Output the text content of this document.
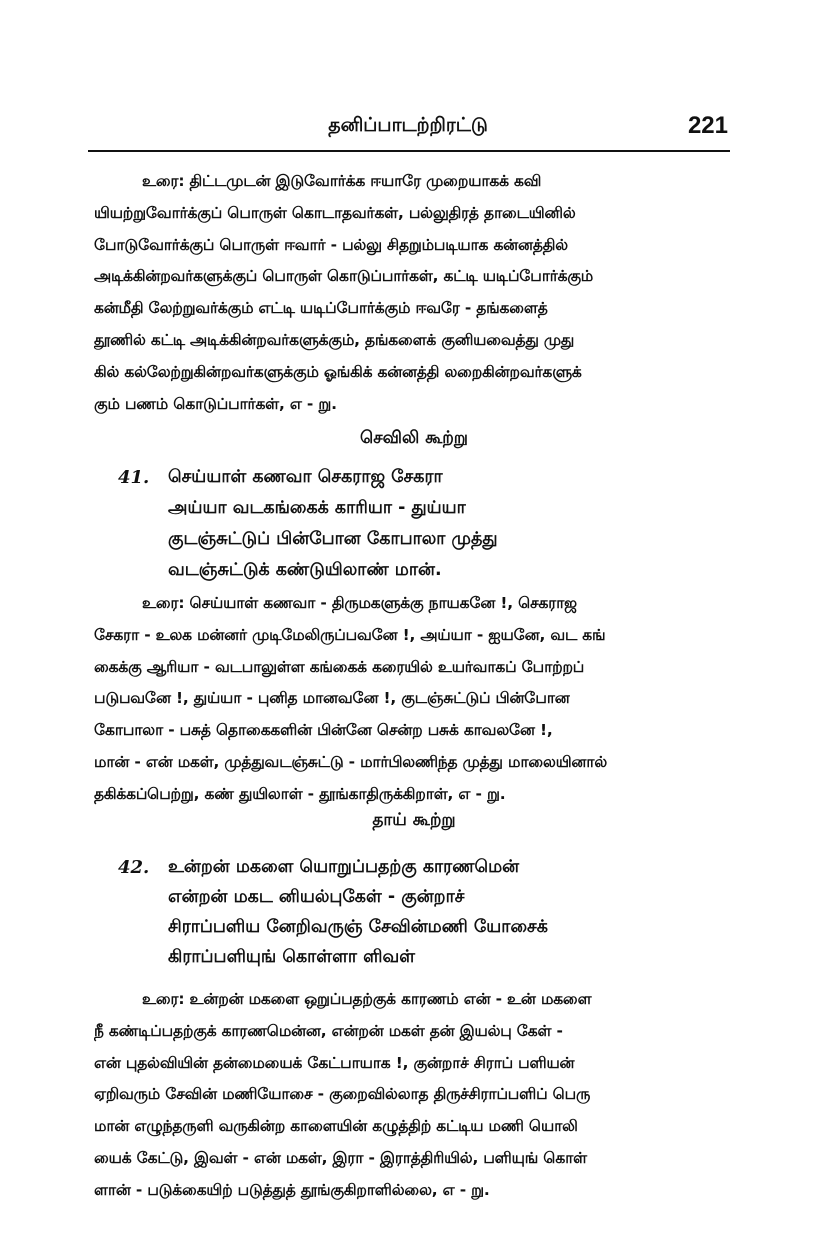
தனிப்பாடற்றிரட்டு	221
உரை: திட்டமுடன் இடுவோர்க்க ஈயாரே முறையாகக் கவி
யியற்றுவோர்க்குப் பொருள் கொடாதவர்கள், பல்லுதிரத் தாடையினில்
போடுவோர்க்குப் பொருள் ஈவார் - பல்லு சிதறும்படியாக கன்னத்தில்
அடிக்கின்றவர்களுக்குப் பொருள் கொடுப்பார்கள், கட்டி யடிப்போர்க்கும்
கன்மீதி லேற்றுவர்க்கும் எட்டி யடிப்போர்க்கும் ஈவரே - தங்களைத்
தூணில் கட்டி அடிக்கின்றவர்களுக்கும், தங்களைக் குனியவைத்து முது
கில் கல்லேற்றுகின்றவர்களுக்கும் ஓங்கிக் கன்னத்தி லறைகின்றவர்களுக்
கும் பணம் கொடுப்பார்கள், எ - று.
செவிலி கூற்று
41. செய்யாள் கணவா செகராஜ சேகரா
அய்யா வடகங்கைக் காரியா - துய்யா
குடஞ்சுட்டுப் பின்போன கோபாலா முத்து
வடஞ்சுட்டுக் கண்டுயிலாண் மான்.
உரை: செய்யாள் கணவா - திருமகளுக்கு நாயகனே !, செகராஜ
சேகரா - உலக மன்னர் முடிமேலிருப்பவனே !, அய்யா - ஐயனே, வட கங்
கைக்கு ஆரியா - வடபாலுள்ள கங்கைக் கரையில் உயர்வாகப் போற்றப்
படுபவனே !, துய்யா - புனித மானவனே !, குடஞ்சுட்டுப் பின்போன
கோபாலா - பசுத் தொகைகளின் பின்னே சென்ற பசுக் காவலனே !,
மான் - என் மகள், முத்துவடஞ்சுட்டு - மார்பிலணிந்த முத்து மாலையினால்
தகிக்கப்பெற்று, கண் துயிலாள் - தூங்காதிருக்கிறாள், எ - று.
தாய் கூற்று
42. உன்றன் மகளை யொறுப்பதற்கு காரணமென்
என்றன் மகட னியல்புகேள் - குன்றாச்
சிராப்பளிய னேறிவருஞ் சேவின்மணி யோசைக்
கிராப்பளியுங் கொள்ளா ளிவள்
உரை: உன்றன் மகளை ஒறுப்பதற்குக் காரணம் என் - உன் மகளை
நீ கண்டிப்பதற்குக் காரணமென்ன, என்றன் மகள் தன் இயல்பு கேள் -
என் புதல்வியின் தன்மையைக் கேட்பாயாக !, குன்றாச் சிராப் பளியன்
ஏறிவரும் சேவின் மணியோசை - குறைவில்லாத திருச்சிராப்பளிப் பெரு
மான் எழுந்தருளி வருகின்ற காளையின் கழுத்திற் கட்டிய மணி யொலி
யைக் கேட்டு, இவள் - என் மகள், இரா - இராத்திரியில், பளியுங் கொள்
ளான் - படுக்கையிற் படுத்துத் தூங்குகிறாளில்லை, எ - று.
